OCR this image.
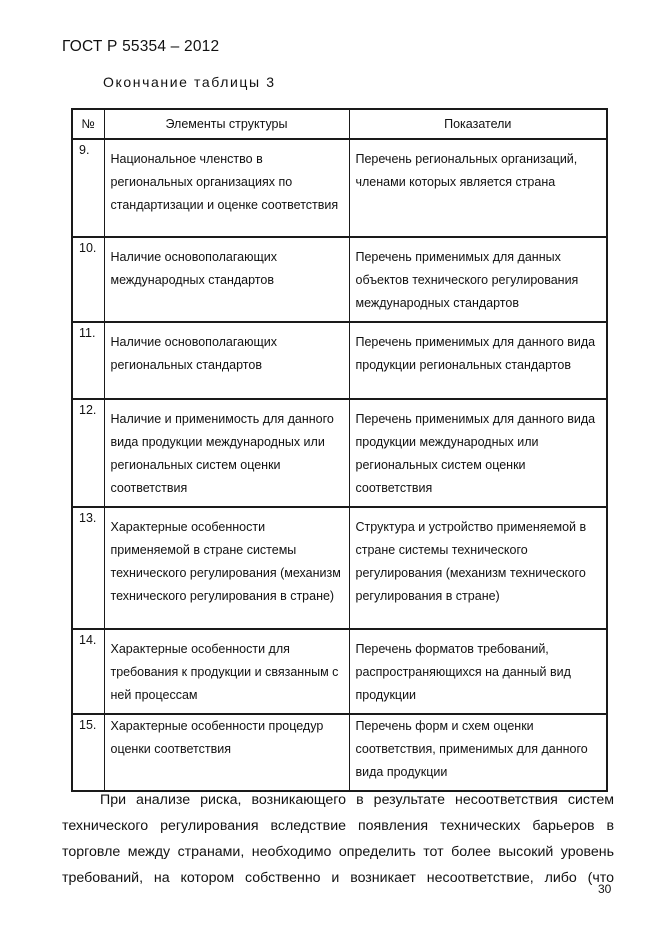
ГОСТ Р 55354 – 2012
Окончание таблицы 3
№	Элементы структуры	Показатели
9.	Национальное членство в региональных организациях по стандартизации и оценке соответствия	Перечень региональных организаций, членами которых является страна
10.	Наличие основополагающих международных стандартов	Перечень применимых для данных объектов технического регулирования международных стандартов
11.	Наличие основополагающих региональных стандартов	Перечень применимых для данного вида продукции региональных стандартов
12.	Наличие и применимость для данного вида продукции международных или региональных систем оценки соответствия	Перечень применимых для данного вида продукции международных или региональных систем оценки соответствия
13.	Характерные особенности применяемой в стране системы технического регулирования (механизм технического регулирования в стране)	Структура и устройство применяемой в стране системы технического регулирования (механизм технического регулирования в стране)
14.	Характерные особенности для требования к продукции и связанным с ней процессам	Перечень форматов требований, распространяющихся на данный вид продукции
15.	Характерные особенности процедур оценки соответствия	Перечень форм и схем оценки соответствия, применимых для данного вида продукции
При анализе риска, возникающего в результате несоответствия систем технического регулирования вследствие появления технических барьеров в торговле между странами, необходимо определить тот более высокий уровень требований, на котором собственно и возникает несоответствие, либо (что
30
